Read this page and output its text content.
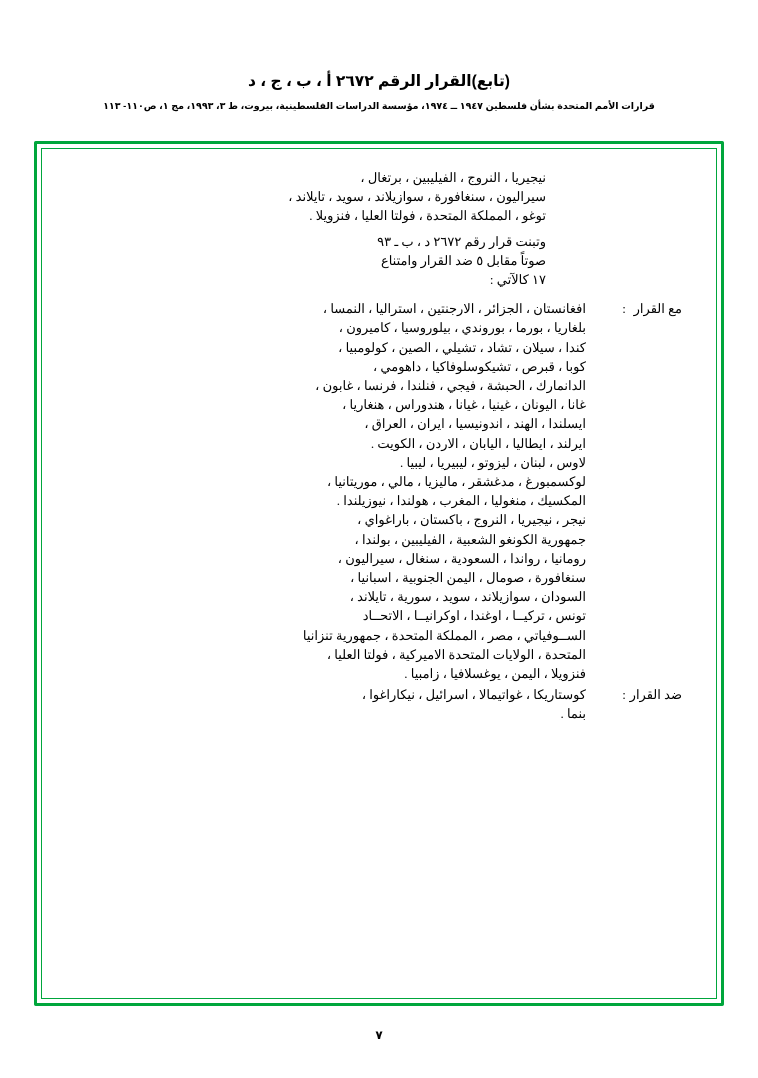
(تابع)القرار الرقم ٢٦٧٢ أ ، ب ، ج ، د
قرارات الأمم المتحدة بشأن فلسطين ١٩٤٧ ــ ١٩٧٤، مؤسسة الدراسات الفلسطينية، بيروت، ط ٣، ١٩٩٣، مج ١، ص١١٠- ١١٣

نيجيريا ، النروج ، الفيليبين ، برتغال ،

سيراليون ، سنغافورة ، سوازيلاند ، سويد ، تايلاند ،

توغو ، المملكة المتحدة ، فولتا العليا ، فنزويلا .

وتبنت قرار رقم ٢٦٧٢ د ، ب ـ ٩٣

صوتاً مقابل ٥ ضد القرار وامتناع

١٧ كالآتي :

مع القرار
:

افغانستان ، الجزائر ، الارجنتين ، استراليا ، النمسا ،

بلغاريا ، بورما ، بوروندي ، بيلوروسيا ، كاميرون ،

كندا ، سيلان ، تشاد ، تشيلي ، الصين ، كولومبيا ،

كوبا ، قبرص ، تشيكوسلوفاكيا ، داهومي ،

الدانمارك ، الحبشة ، فيجي ، فنلندا ، فرنسا ، غابون ،

غانا ، اليونان ، غينيا ، غيانا ، هندوراس ، هنغاريا ،

ايسلندا ، الهند ، اندونيسيا ، ايران ، العراق ،

ايرلند ، ايطاليا ، اليابان ، الاردن ، الكويت .

لاوس ، لبنان ، ليزوتو ، ليبيريا ، ليبيا .

لوكسمبورغ ، مدغشقر ، ماليزيا ، مالي ، موريتانيا ،

المكسيك ، منغوليا ، المغرب ، هولندا ، نيوزيلندا .

نيجر ، نيجيريا ، النروج ، باكستان ، باراغواي ،

جمهورية الكونغو الشعبية ، الفيليبين ، بولندا ،

رومانيا ، رواندا ، السعودية ، سنغال ، سيراليون ،

سنغافورة ، صومال ، اليمن الجنوبية ، اسبانيا ،

السودان ، سوازيلاند ، سويد ، سورية ، تايلاند ،

تونس ، تركيــا ، اوغندا ، اوكرانيــا ، الاتحــاد

الســوفياتي ، مصر ، المملكة المتحدة ، جمهورية تنزانيا

المتحدة ، الولايات المتحدة الاميركية ، فولتا العليا ،

فنزويلا ، اليمن ، يوغسلافيا ، زامبيا .

ضد القرار
:

كوستاريكا ، غواتيمالا ، اسرائيل ، نيكاراغوا ،

بنما .

٧
